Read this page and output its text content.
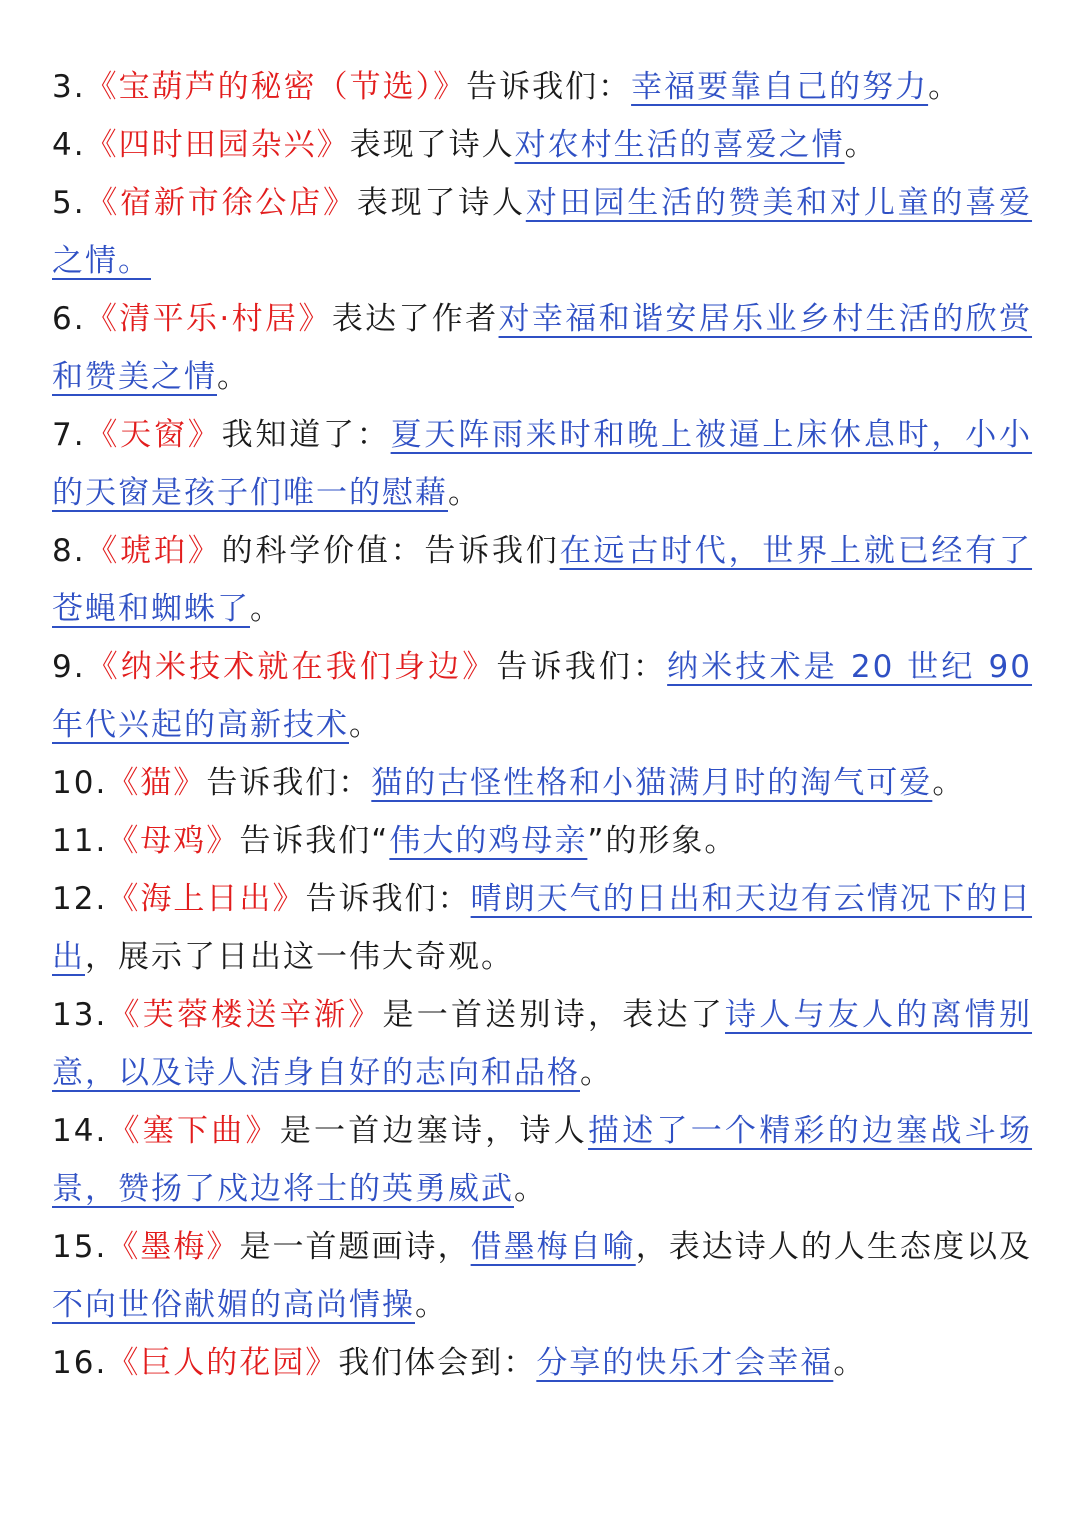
3.《宝葫芦的秘密（节选）》告诉我们：幸福要靠自己的努力。

4.《四时田园杂兴》表现了诗人对农村生活的喜爱之情。

5.《宿新市徐公店》表现了诗人对田园生活的赞美和对儿童的喜爱之情。

6.《清平乐·村居》表达了作者对幸福和谐安居乐业乡村生活的欣赏和赞美之情。

7.《天窗》我知道了：夏天阵雨来时和晚上被逼上床休息时，小小的天窗是孩子们唯一的慰藉。

8.《琥珀》的科学价值：告诉我们在远古时代，世界上就已经有了苍蝇和蜘蛛了。

9.《纳米技术就在我们身边》告诉我们：纳米技术是 20 世纪 90 年代兴起的高新技术。

10.《猫》告诉我们：猫的古怪性格和小猫满月时的淘气可爱。

11.《母鸡》告诉我们“伟大的鸡母亲”的形象。

12.《海上日出》告诉我们：晴朗天气的日出和天边有云情况下的日出，展示了日出这一伟大奇观。

13.《芙蓉楼送辛渐》是一首送别诗，表达了诗人与友人的离情别意，以及诗人洁身自好的志向和品格。

14.《塞下曲》是一首边塞诗，诗人描述了一个精彩的边塞战斗场景，赞扬了戍边将士的英勇威武。

15.《墨梅》是一首题画诗，借墨梅自喻，表达诗人的人生态度以及不向世俗献媚的高尚情操。

16.《巨人的花园》我们体会到：分享的快乐才会幸福。
